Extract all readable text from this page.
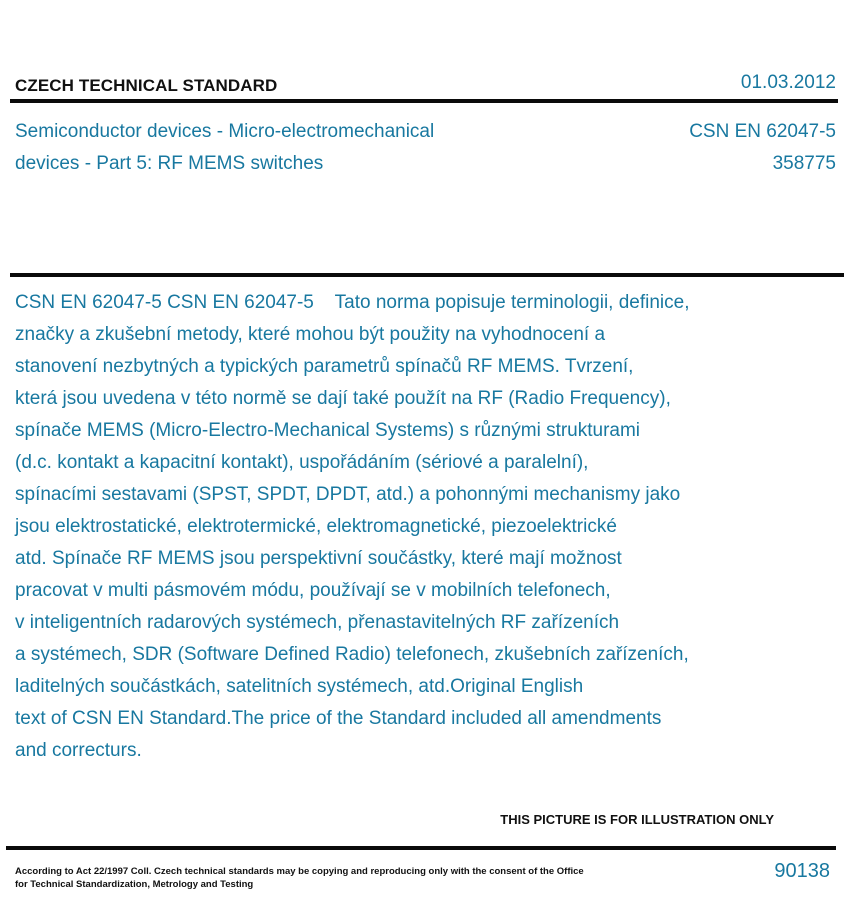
CZECH TECHNICAL STANDARD	01.03.2012
Semiconductor devices - Micro-electromechanical
devices - Part 5: RF MEMS switches
CSN EN 62047-5
358775
CSN EN 62047-5 CSN EN 62047-5    Tato norma popisuje terminologii, definice,
značky a zkušební metody, které mohou být použity na vyhodnocení a
stanovení nezbytných a typických parametrů spínačů RF MEMS. Tvrzení,
která jsou uvedena v této normě se dají také použít na RF (Radio Frequency),
spínače MEMS (Micro-Electro-Mechanical Systems) s různými strukturami
(d.c. kontakt a kapacitní kontakt), uspořádáním (sériové a paralelní),
spínacími sestavami (SPST, SPDT, DPDT, atd.) a pohonnými mechanismy jako
jsou elektrostatické, elektrotermické, elektromagnetické, piezoelektrické
atd. Spínače RF MEMS jsou perspektivní součástky, které mají možnost
pracovat v multi pásmovém módu, používají se v mobilních telefonech,
v inteligentních radarových systémech, přenastavitelných RF zařízeních
a systémech, SDR (Software Defined Radio) telefonech, zkušebních zařízeních,
laditelných součástkách, satelitních systémech, atd.Original English
text of CSN EN Standard.The price of the Standard included all amendments
and correcturs.
THIS PICTURE IS FOR ILLUSTRATION ONLY
According to Act 22/1997 Coll. Czech technical standards may be copying and reproducing only with the consent of the Office
for Technical Standardization, Metrology and Testing
90138
